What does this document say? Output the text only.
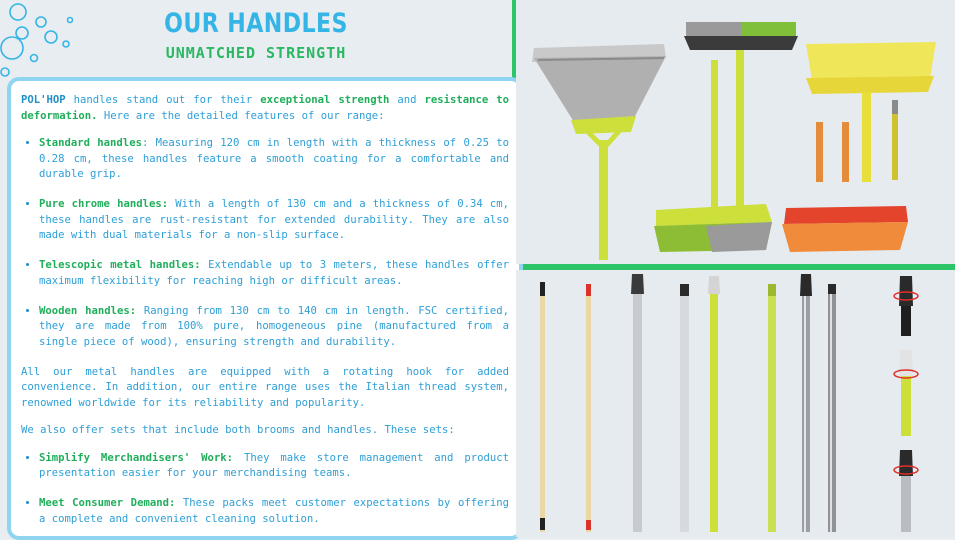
OUR HANDLES
UNMATCHED STRENGTH

POL'HOP handles stand out for their exceptional strength and resistance to deformation. Here are the detailed features of our range:

• Standard handles: Measuring 120 cm in length with a thickness of 0.25 to 0.28 cm, these handles feature a smooth coating for a comfortable and durable grip.
• Pure chrome handles: With a length of 130 cm and a thickness of 0.34 cm, these handles are rust-resistant for extended durability. They are also made with dual materials for a non-slip surface.
• Telescopic metal handles: Extendable up to 3 meters, these handles offer maximum flexibility for reaching high or difficult areas.
• Wooden handles: Ranging from 130 cm to 140 cm in length. FSC certified, they are made from 100% pure, homogeneous pine (manufactured from a single piece of wood), ensuring strength and durability.

All our metal handles are equipped with a rotating hook for added convenience. In addition, our entire range uses the Italian thread system, renowned worldwide for its reliability and popularity.

We also offer sets that include both brooms and handles. These sets:

• Simplify Merchandisers' Work: They make store management and product presentation easier for your merchandising teams.
• Meet Consumer Demand: These packs meet customer expectations by offering a complete and convenient cleaning solution.
